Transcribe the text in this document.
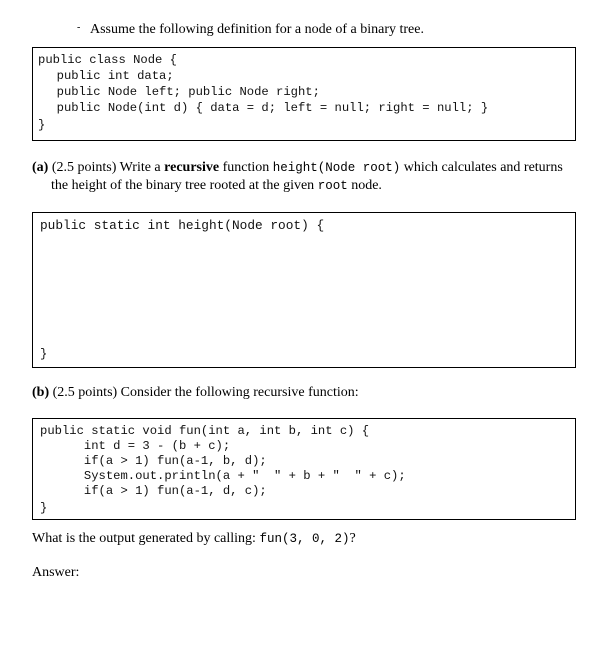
- Assume the following definition for a node of a binary tree.
public class Node {
public int data;
public Node left; public Node right;
public Node(int d) { data = d; left = null; right = null; }
}
(a) (2.5 points) Write a recursive function height(Node root) which calculates and returns
the height of the binary tree rooted at the given root node.
public static int height(Node root) {
}
(b) (2.5 points) Consider the following recursive function:
public static void fun(int a, int b, int c) {
int d = 3 - (b + c);
if(a > 1) fun(a-1, b, d);
System.out.println(a + "  " + b + "  " + c);
if(a > 1) fun(a-1, d, c);
}
What is the output generated by calling: fun(3, 0, 2)?
Answer:
